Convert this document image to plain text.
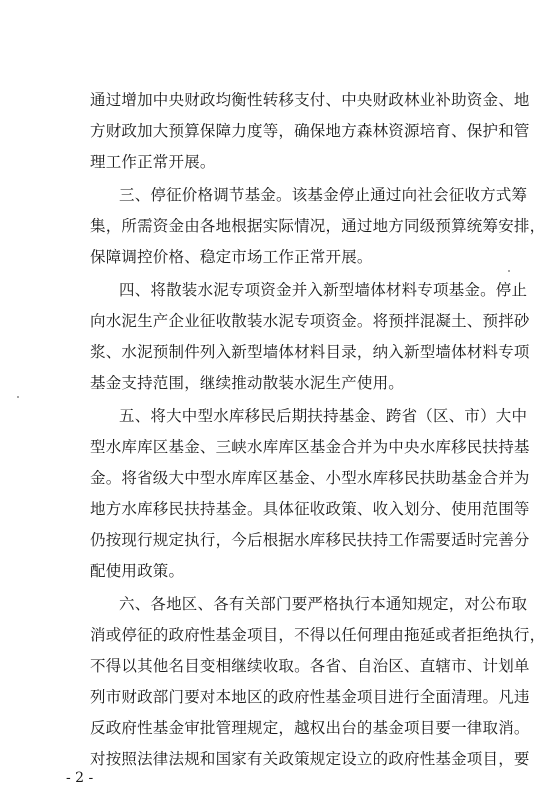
通过增加中央财政均衡性转移支付、中央财政林业补助资金、地
方财政加大预算保障力度等，确保地方森林资源培育、保护和管
理工作正常开展。
三、停征价格调节基金。该基金停止通过向社会征收方式筹
集，所需资金由各地根据实际情况，通过地方同级预算统筹安排，
保障调控价格、稳定市场工作正常开展。
四、将散装水泥专项资金并入新型墙体材料专项基金。停止
向水泥生产企业征收散装水泥专项资金。将预拌混凝土、预拌砂
浆、水泥预制件列入新型墙体材料目录，纳入新型墙体材料专项
基金支持范围，继续推动散装水泥生产使用。
五、将大中型水库移民后期扶持基金、跨省（区、市）大中
型水库库区基金、三峡水库库区基金合并为中央水库移民扶持基
金。将省级大中型水库库区基金、小型水库移民扶助基金合并为
地方水库移民扶持基金。具体征收政策、收入划分、使用范围等
仍按现行规定执行，今后根据水库移民扶持工作需要适时完善分
配使用政策。
六、各地区、各有关部门要严格执行本通知规定，对公布取
消或停征的政府性基金项目，不得以任何理由拖延或者拒绝执行，
不得以其他名目变相继续收取。各省、自治区、直辖市、计划单
列市财政部门要对本地区的政府性基金项目进行全面清理。凡违
反政府性基金审批管理规定，越权出台的基金项目要一律取消。
对按照法律法规和国家有关政策规定设立的政府性基金项目，要
- 2 -
